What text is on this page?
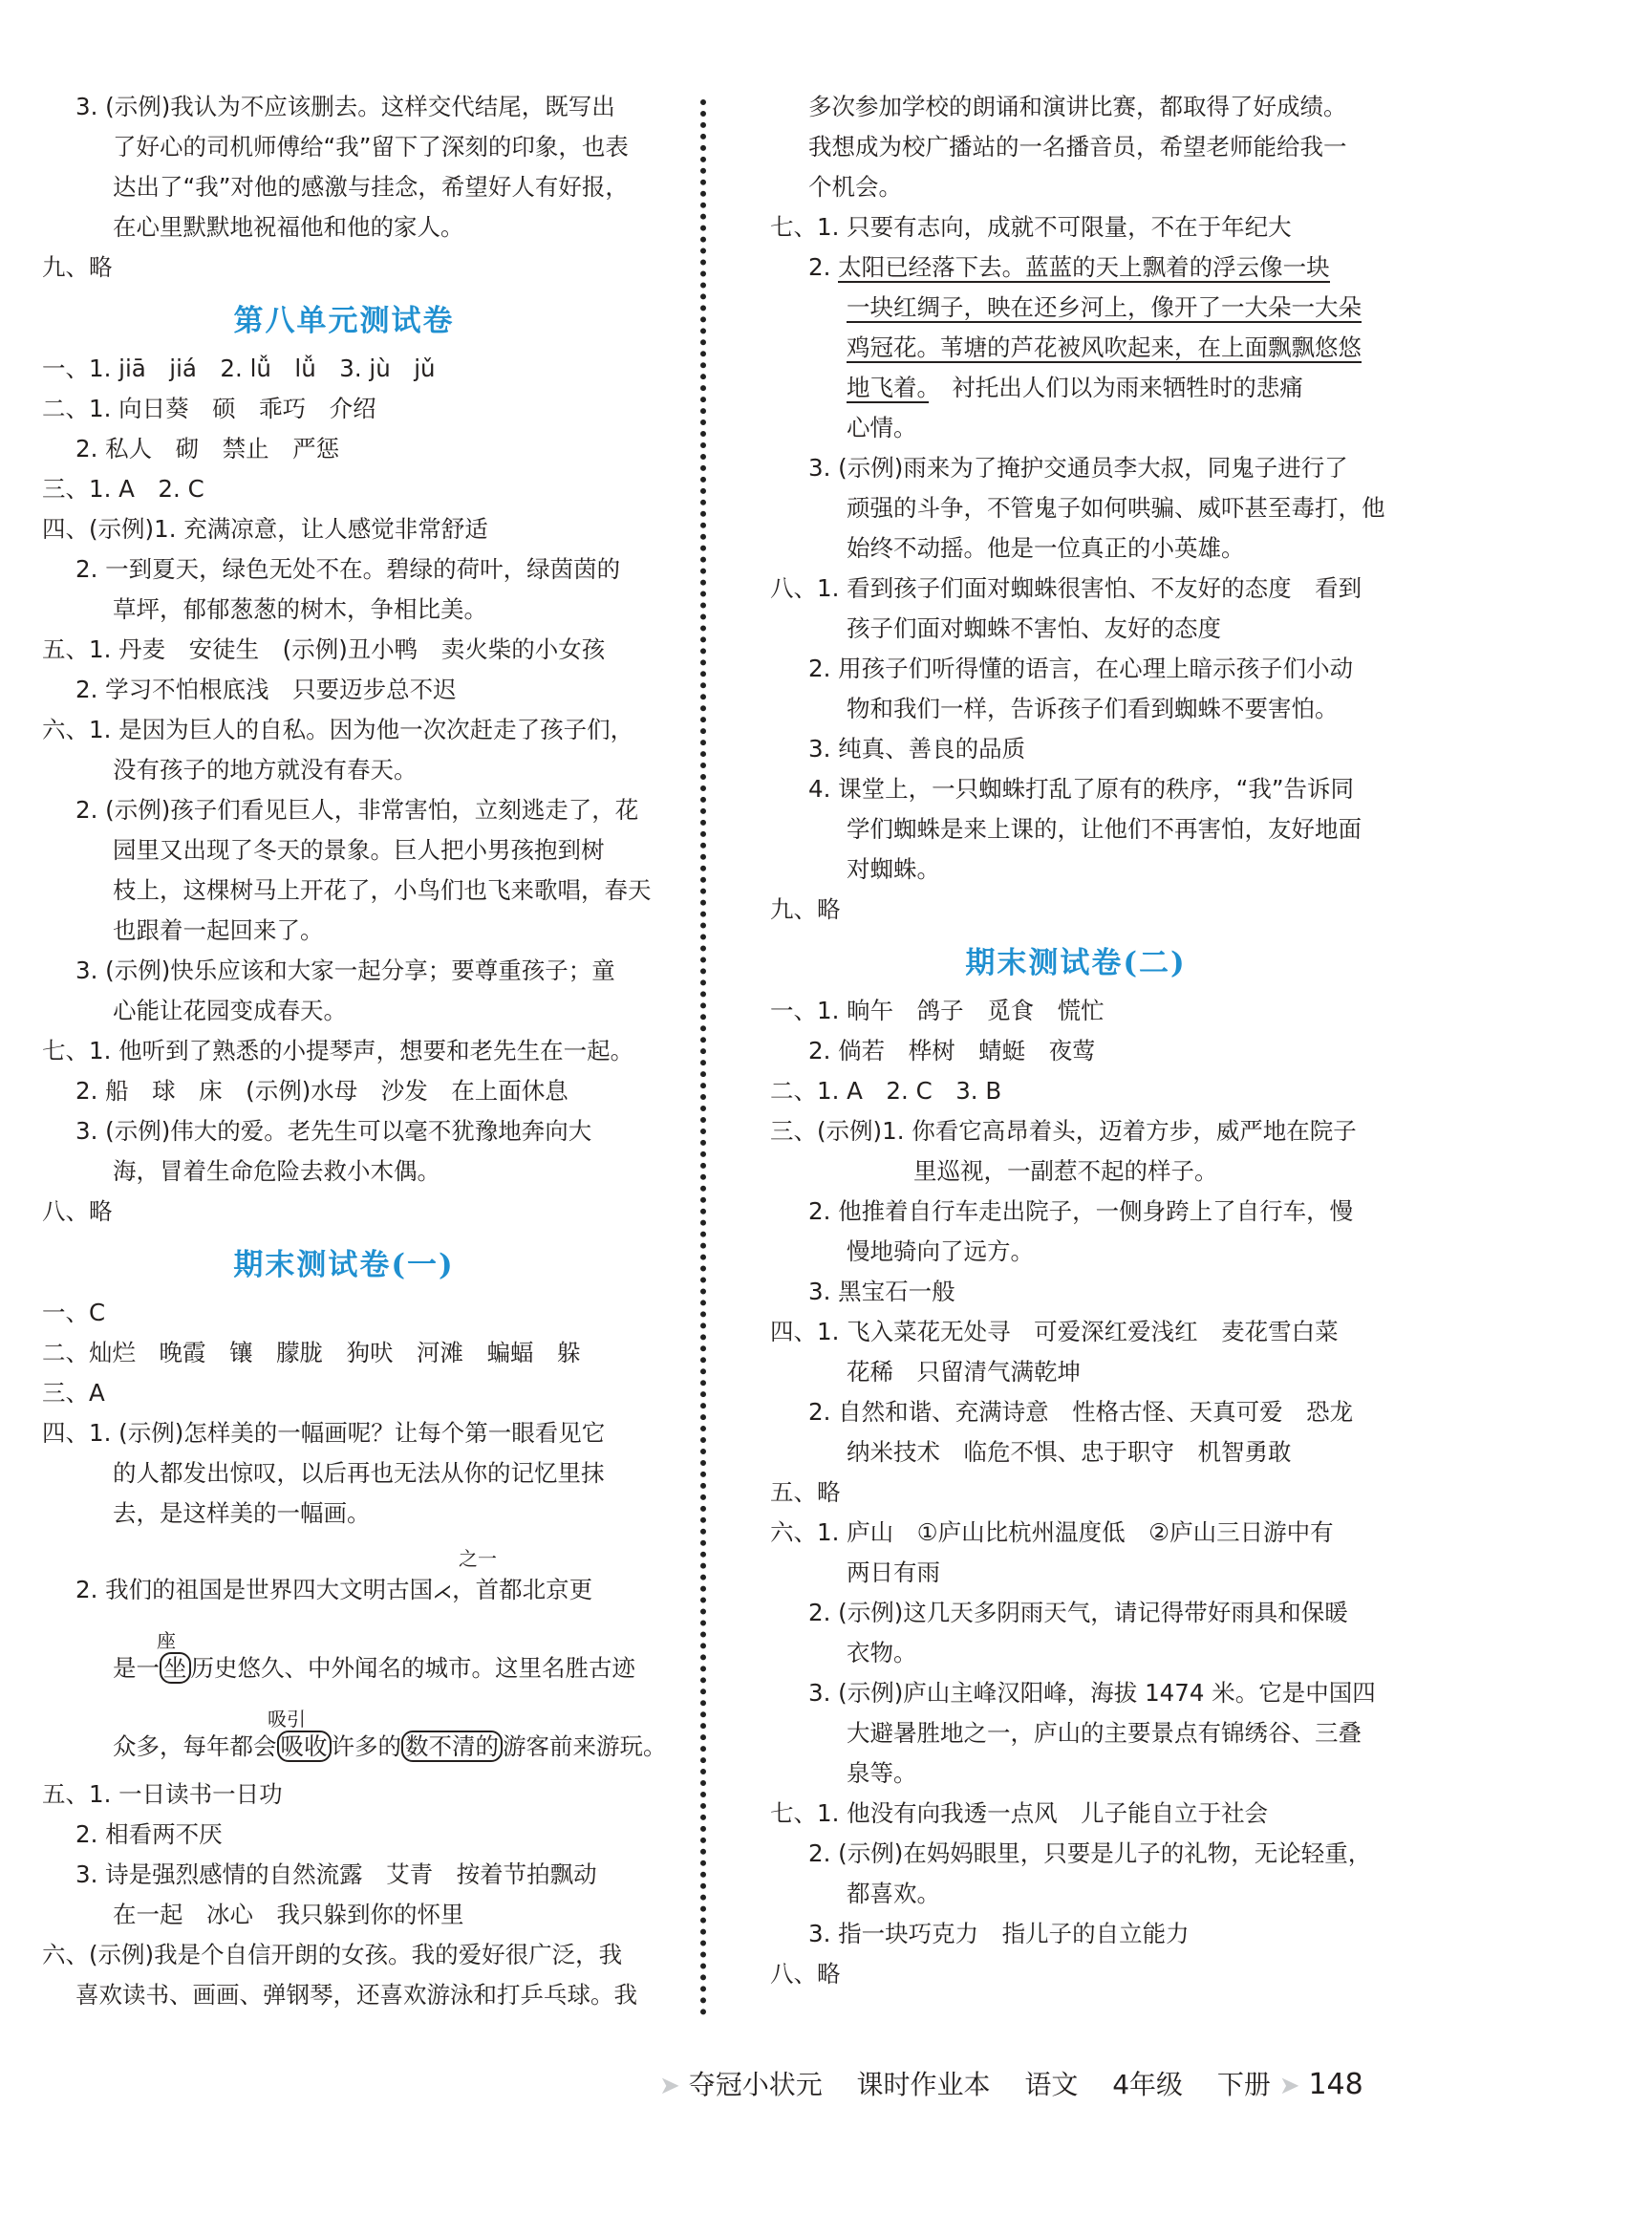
3. (示例)我认为不应该删去。这样交代结尾，既写出
了好心的司机师傅给“我”留下了深刻的印象，也表
达出了“我”对他的感激与挂念，希望好人有好报，
在心里默默地祝福他和他的家人。
九、略
第八单元测试卷
一、1. jiā　jiá　2. lǚ　lǚ　3. jù　jǔ
二、1. 向日葵　硕　乖巧　介绍
2. 私人　砌　禁止　严惩
三、1. A　2. C
四、(示例)1. 充满凉意，让人感觉非常舒适
2. 一到夏天，绿色无处不在。碧绿的荷叶，绿茵茵的
草坪，郁郁葱葱的树木，争相比美。
五、1. 丹麦　安徒生　(示例)丑小鸭　卖火柴的小女孩
2. 学习不怕根底浅　只要迈步总不迟
六、1. 是因为巨人的自私。因为他一次次赶走了孩子们，
没有孩子的地方就没有春天。
2. (示例)孩子们看见巨人，非常害怕，立刻逃走了，花
园里又出现了冬天的景象。巨人把小男孩抱到树
枝上，这棵树马上开花了，小鸟们也飞来歌唱，春天
也跟着一起回来了。
3. (示例)快乐应该和大家一起分享；要尊重孩子；童
心能让花园变成春天。
七、1. 他听到了熟悉的小提琴声，想要和老先生在一起。
2. 船　球　床　(示例)水母　沙发　在上面休息
3. (示例)伟大的爱。老先生可以毫不犹豫地奔向大
海，冒着生命危险去救小木偶。
八、略
期末测试卷(一)
一、C
二、灿烂　晚霞　镶　朦胧　狗吠　河滩　蝙蝠　躲
三、A
四、1. (示例)怎样美的一幅画呢？让每个第一眼看见它
的人都发出惊叹，以后再也无法从你的记忆里抹
去，是这样美的一幅画。
之一
2. 我们的祖国是世界四大文明古国⋌，首都北京更
座
是一 坐 历史悠久、中外闻名的城市。这里名胜古迹
吸引
众多，每年都会 吸收 许多的 数不清的 游客前来游玩。
五、1. 一日读书一日功
2. 相看两不厌
3. 诗是强烈感情的自然流露　艾青　按着节拍飘动
在一起　冰心　我只躲到你的怀里
六、(示例)我是个自信开朗的女孩。我的爱好很广泛，我
喜欢读书、画画、弹钢琴，还喜欢游泳和打乒乓球。我
多次参加学校的朗诵和演讲比赛，都取得了好成绩。
我想成为校广播站的一名播音员，希望老师能给我一
个机会。
七、1. 只要有志向，成就不可限量，不在于年纪大
2. 太阳已经落下去。蓝蓝的天上飘着的浮云像一块
一块红绸子，映在还乡河上，像开了一大朵一大朵
鸡冠花。苇塘的芦花被风吹起来，在上面飘飘悠悠
地飞着。　衬托出人们以为雨来牺牲时的悲痛
心情。
3. (示例)雨来为了掩护交通员李大叔，同鬼子进行了
顽强的斗争，不管鬼子如何哄骗、威吓甚至毒打，他
始终不动摇。他是一位真正的小英雄。
八、1. 看到孩子们面对蜘蛛很害怕、不友好的态度　看到
孩子们面对蜘蛛不害怕、友好的态度
2. 用孩子们听得懂的语言，在心理上暗示孩子们小动
物和我们一样，告诉孩子们看到蜘蛛不要害怕。
3. 纯真、善良的品质
4. 课堂上，一只蜘蛛打乱了原有的秩序，“我”告诉同
学们蜘蛛是来上课的，让他们不再害怕，友好地面
对蜘蛛。
九、略
期末测试卷(二)
一、1. 晌午　鸽子　觅食　慌忙
2. 倘若　桦树　蜻蜓　夜莺
二、1. A　2. C　3. B
三、(示例)1. 你看它高昂着头，迈着方步，威严地在院子
里巡视，一副惹不起的样子。
2. 他推着自行车走出院子，一侧身跨上了自行车，慢
慢地骑向了远方。
3. 黑宝石一般
四、1. 飞入菜花无处寻　可爱深红爱浅红　麦花雪白菜
花稀　只留清气满乾坤
2. 自然和谐、充满诗意　性格古怪、天真可爱　恐龙
纳米技术　临危不惧、忠于职守　机智勇敢
五、略
六、1. 庐山　①庐山比杭州温度低　②庐山三日游中有
两日有雨
2. (示例)这几天多阴雨天气，请记得带好雨具和保暖
衣物。
3. (示例)庐山主峰汉阳峰，海拔 1474 米。它是中国四
大避暑胜地之一，庐山的主要景点有锦绣谷、三叠
泉等。
七、1. 他没有向我透一点风　儿子能自立于社会
2. (示例)在妈妈眼里，只要是儿子的礼物，无论轻重，
都喜欢。
3. 指一块巧克力　指儿子的自立能力
八、略
➤ 夺冠小状元 课时作业本 语文 4年级 下册 ➤ 148
